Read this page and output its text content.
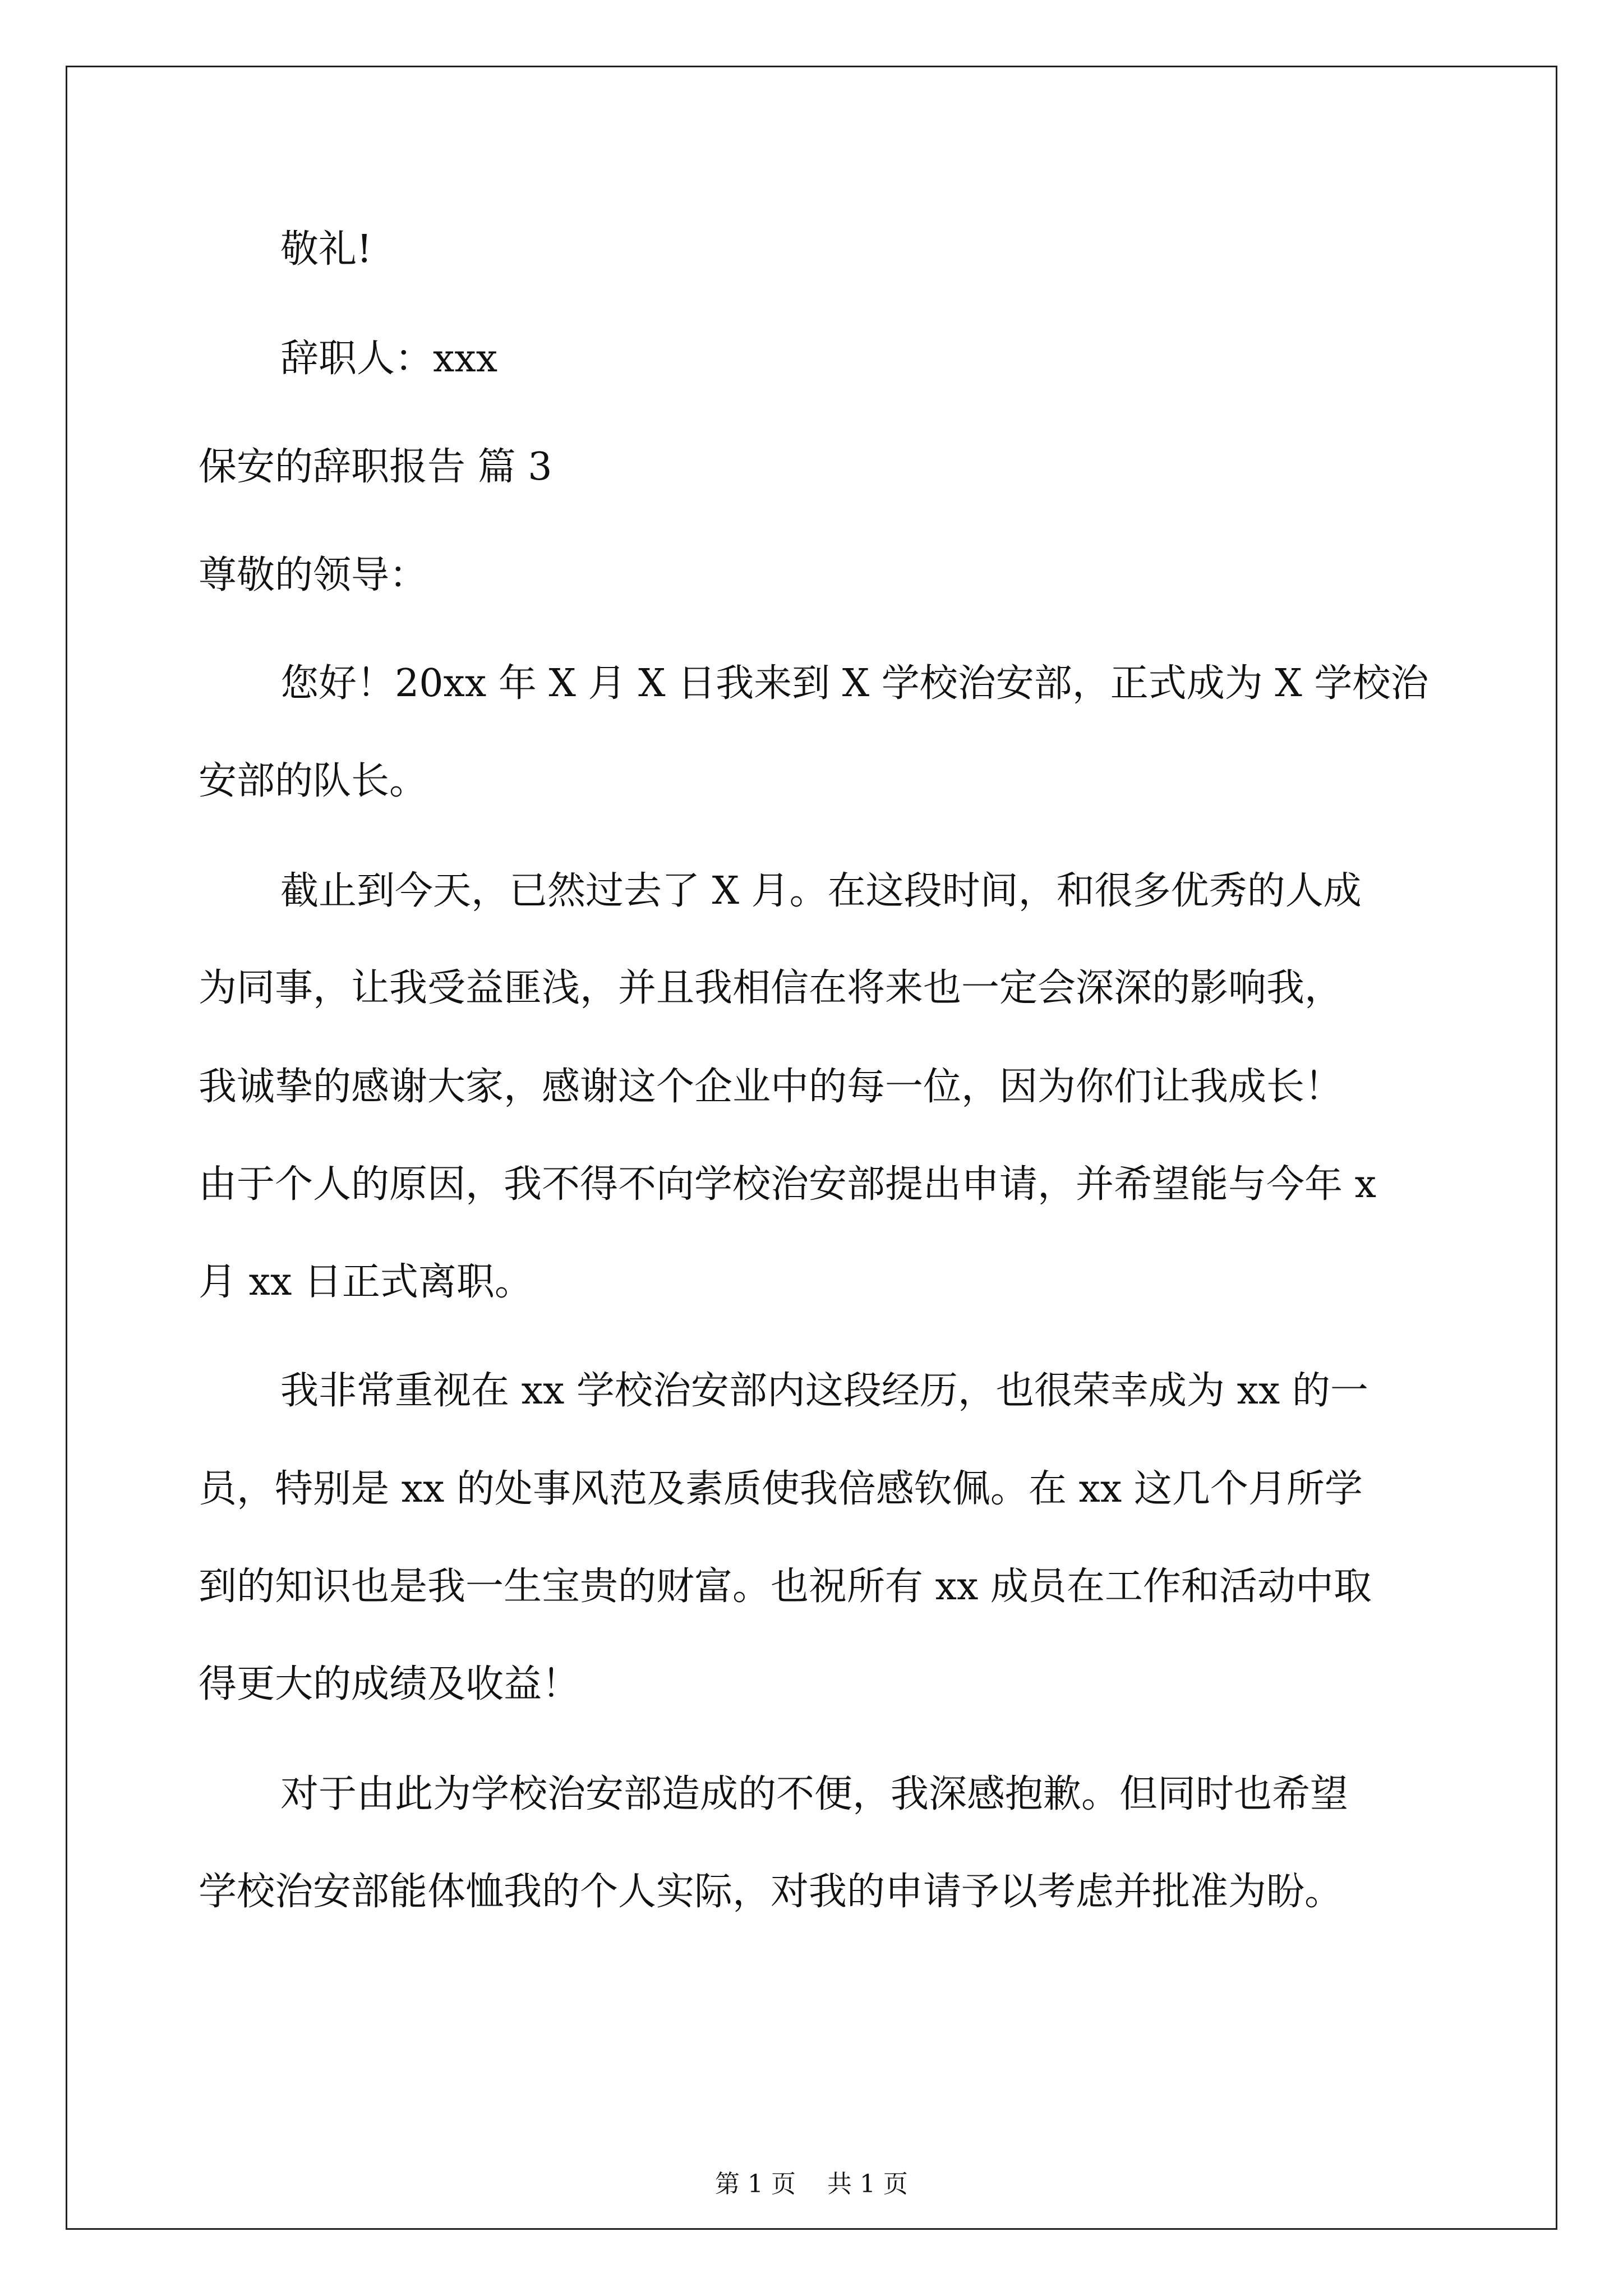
敬礼!
辞职人：xxx
保安的辞职报告 篇 3
尊敬的领导：
您好！20xx 年 X 月 X 日我来到 X 学校治安部，正式成为 X 学校治
安部的队长。
截止到今天，已然过去了 X 月。在这段时间，和很多优秀的人成
为同事，让我受益匪浅，并且我相信在将来也一定会深深的影响我，
我诚挚的感谢大家，感谢这个企业中的每一位，因为你们让我成长！
由于个人的原因，我不得不向学校治安部提出申请，并希望能与今年 x
月 xx 日正式离职。
我非常重视在 xx 学校治安部内这段经历，也很荣幸成为 xx 的一
员，特别是 xx 的处事风范及素质使我倍感钦佩。在 xx 这几个月所学
到的知识也是我一生宝贵的财富。也祝所有 xx 成员在工作和活动中取
得更大的成绩及收益！
对于由此为学校治安部造成的不便，我深感抱歉。但同时也希望
学校治安部能体恤我的个人实际，对我的申请予以考虑并批准为盼。
第 1 页    共 1 页
